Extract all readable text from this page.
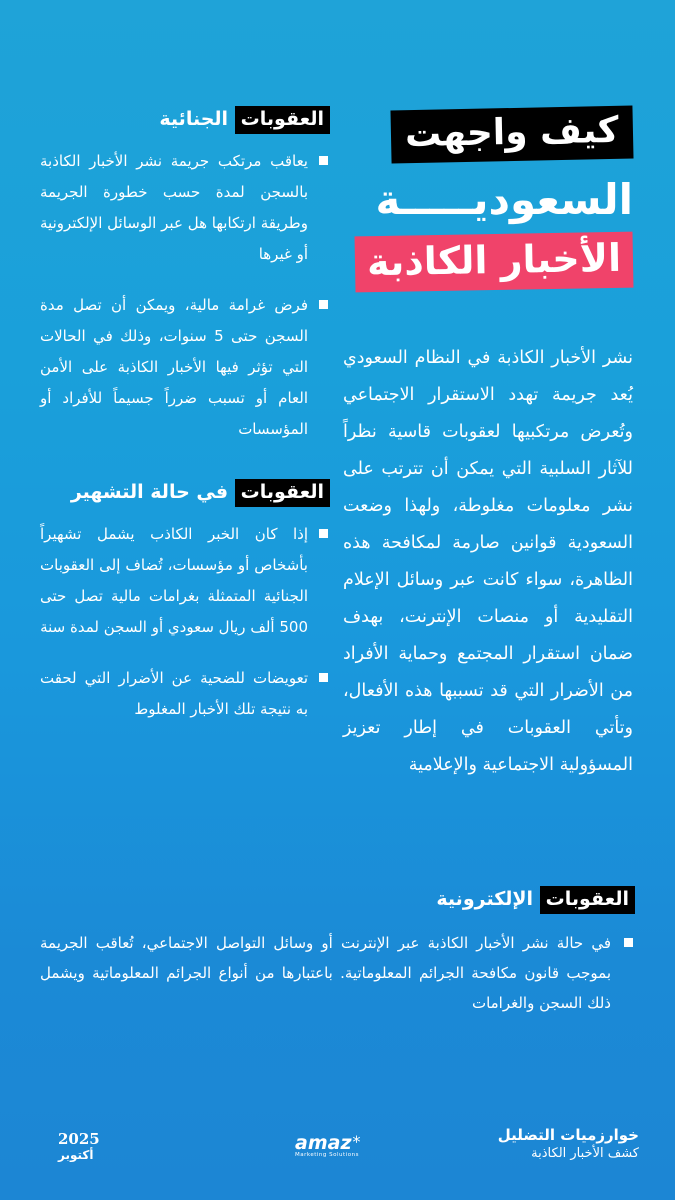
كيف واجهت
السعوديـــــة
الأخبار الكاذبة

نشر الأخبار الكاذبة في النظام السعودي يُعد جريمة تهدد الاستقرار الاجتماعي وتُعرض مرتكبيها لعقوبات قاسية نظراً للآثار السلبية التي يمكن أن تترتب على نشر معلومات مغلوطة، ولهذا وضعت السعودية قوانين صارمة لمكافحة هذه الظاهرة، سواء كانت عبر وسائل الإعلام التقليدية أو منصات الإنترنت، بهدف ضمان استقرار المجتمع وحماية الأفراد من الأضرار التي قد تسببها هذه الأفعال، وتأتي العقوبات في إطار تعزيز المسؤولية الاجتماعية والإعلامية

العقوبات الجنائية
يعاقب مرتكب جريمة نشر الأخبار الكاذبة بالسجن لمدة حسب خطورة الجريمة وطريقة ارتكابها هل عبر الوسائل الإلكترونية أو غيرها
فرض غرامة مالية، ويمكن أن تصل مدة السجن حتى 5 سنوات، وذلك في الحالات التي تؤثر فيها الأخبار الكاذبة على الأمن العام أو تسبب ضرراً جسيماً للأفراد أو المؤسسات
العقوبات في حالة التشهير
إذا كان الخبر الكاذب يشمل تشهيراً بأشخاص أو مؤسسات، تُضاف إلى العقوبات الجنائية المتمثلة بغرامات مالية تصل حتى 500 ألف ريال سعودي أو السجن لمدة سنة
تعويضات للضحية عن الأضرار التي لحقت به نتيجة تلك الأخبار المغلوط
العقوبات الإلكترونية
في حالة نشر الأخبار الكاذبة عبر الإنترنت أو وسائل التواصل الاجتماعي، تُعاقب الجريمة بموجب قانون مكافحة الجرائم المعلوماتية. باعتبارها من أنواع الجرائم المعلوماتية ويشمل ذلك السجن والغرامات
خوارزميات التضليل
كشف الأخبار الكاذبة
amaz*
Marketing Solutions
2025
أكتوبر
